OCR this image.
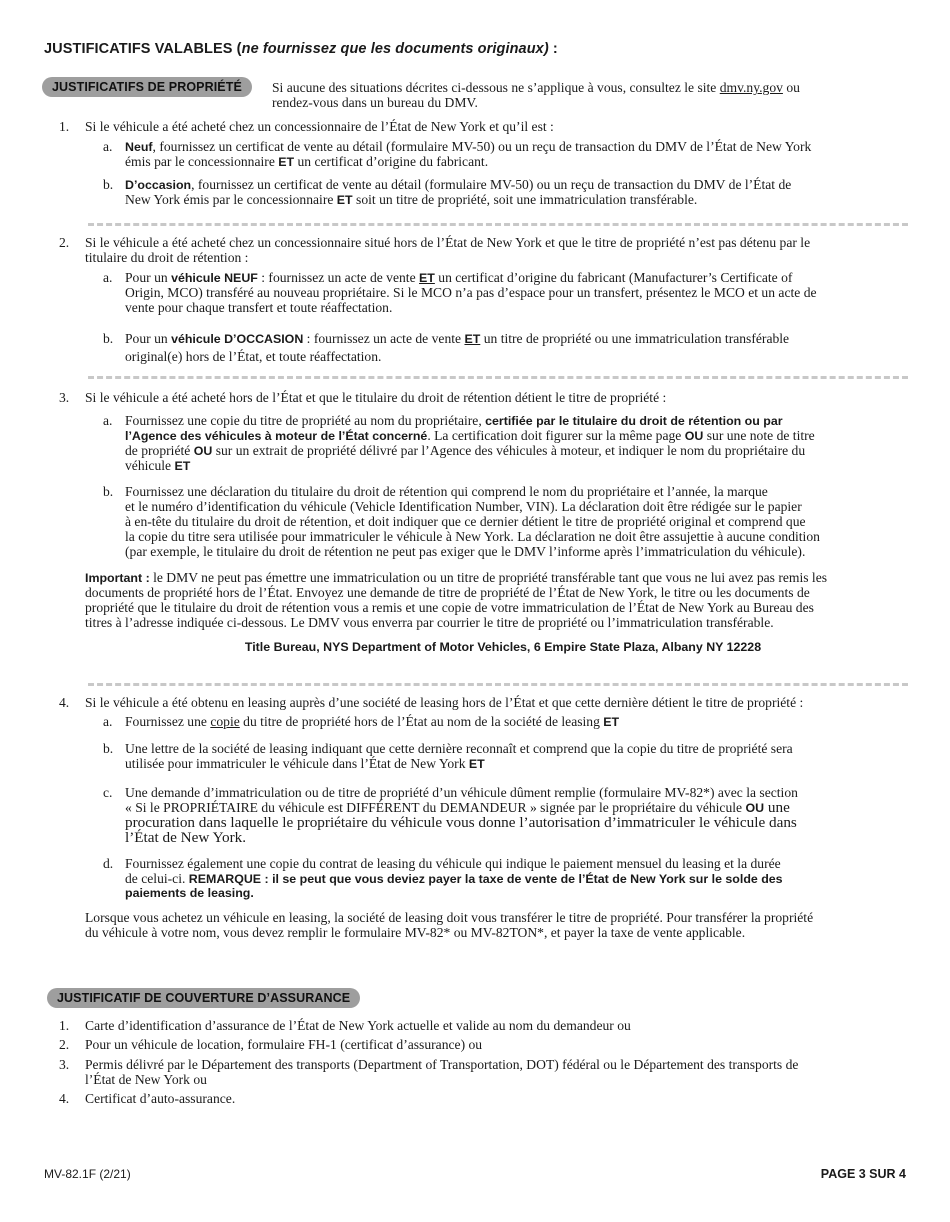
JUSTIFICATIFS VALABLES (ne fournissez que les documents originaux) :
JUSTIFICATIFS DE PROPRIÉTÉ	Si aucune des situations décrites ci-dessous ne s’applique à vous, consultez le site dmv.ny.gov ou
rendez-vous dans un bureau du DMV.
1. Si le véhicule a été acheté chez un concessionnaire de l’État de New York et qu’il est :
a. Neuf, fournissez un certificat de vente au détail (formulaire MV-50) ou un reçu de transaction du DMV de l’État de New York
émis par le concessionnaire ET un certificat d’origine du fabricant.
b. D’occasion, fournissez un certificat de vente au détail (formulaire MV-50) ou un reçu de transaction du DMV de l’État de
New York émis par le concessionnaire ET soit un titre de propriété, soit une immatriculation transférable.
2. Si le véhicule a été acheté chez un concessionnaire situé hors de l’État de New York et que le titre de propriété n’est pas détenu par le
titulaire du droit de rétention :
a. Pour un véhicule NEUF : fournissez un acte de vente ET un certificat d’origine du fabricant (Manufacturer’s Certificate of
Origin, MCO) transféré au nouveau propriétaire. Si le MCO n’a pas d’espace pour un transfert, présentez le MCO et un acte de
vente pour chaque transfert et toute réaffectation.
b. Pour un véhicule D’OCCASION : fournissez un acte de vente ET un titre de propriété ou une immatriculation transférable
original(e) hors de l’État, et toute réaffectation.
3. Si le véhicule a été acheté hors de l’État et que le titulaire du droit de rétention détient le titre de propriété :
a. Fournissez une copie du titre de propriété au nom du propriétaire, certifiée par le titulaire du droit de rétention ou par
l’Agence des véhicules à moteur de l’État concerné. La certification doit figurer sur la même page OU sur une note de titre
de propriété OU sur un extrait de propriété délivré par l’Agence des véhicules à moteur, et indiquer le nom du propriétaire du
véhicule ET
b. Fournissez une déclaration du titulaire du droit de rétention qui comprend le nom du propriétaire et l’année, la marque
et le numéro d’identification du véhicule (Vehicle Identification Number, VIN). La déclaration doit être rédigée sur le papier
à en-tête du titulaire du droit de rétention, et doit indiquer que ce dernier détient le titre de propriété original et comprend que
la copie du titre sera utilisée pour immatriculer le véhicule à New York. La déclaration ne doit être assujettie à aucune condition
(par exemple, le titulaire du droit de rétention ne peut pas exiger que le DMV l’informe après l’immatriculation du véhicule).
Important : le DMV ne peut pas émettre une immatriculation ou un titre de propriété transférable tant que vous ne lui avez pas remis les
documents de propriété hors de l’État. Envoyez une demande de titre de propriété de l’État de New York, le titre ou les documents de
propriété que le titulaire du droit de rétention vous a remis et une copie de votre immatriculation de l’État de New York au Bureau des
titres à l’adresse indiquée ci-dessous. Le DMV vous enverra par courrier le titre de propriété ou l’immatriculation transférable.
Title Bureau, NYS Department of Motor Vehicles, 6 Empire State Plaza, Albany NY 12228
4. Si le véhicule a été obtenu en leasing auprès d’une société de leasing hors de l’État et que cette dernière détient le titre de propriété :
a. Fournissez une copie du titre de propriété hors de l’État au nom de la société de leasing ET
b. Une lettre de la société de leasing indiquant que cette dernière reconnaît et comprend que la copie du titre de propriété sera
utilisée pour immatriculer le véhicule dans l’État de New York ET
c. Une demande d’immatriculation ou de titre de propriété d’un véhicule dûment remplie (formulaire MV-82*) avec la section
« Si le PROPRIÉTAIRE du véhicule est DIFFÉRENT du DEMANDEUR » signée par le propriétaire du véhicule OU une
procuration dans laquelle le propriétaire du véhicule vous donne l’autorisation d’immatriculer le véhicule dans
l’État de New York.
d. Fournissez également une copie du contrat de leasing du véhicule qui indique le paiement mensuel du leasing et la durée
de celui-ci. REMARQUE : il se peut que vous deviez payer la taxe de vente de l’État de New York sur le solde des
paiements de leasing.
Lorsque vous achetez un véhicule en leasing, la société de leasing doit vous transférer le titre de propriété. Pour transférer la propriété
du véhicule à votre nom, vous devez remplir le formulaire MV-82* ou MV-82TON*, et payer la taxe de vente applicable.
JUSTIFICATIF DE COUVERTURE D’ASSURANCE
1. Carte d’identification d’assurance de l’État de New York actuelle et valide au nom du demandeur ou
2. Pour un véhicule de location, formulaire FH-1 (certificat d’assurance) ou
3. Permis délivré par le Département des transports (Department of Transportation, DOT) fédéral ou le Département des transports de
l’État de New York ou
4. Certificat d’auto-assurance.
MV-82.1F (2/21)	PAGE 3 SUR 4
